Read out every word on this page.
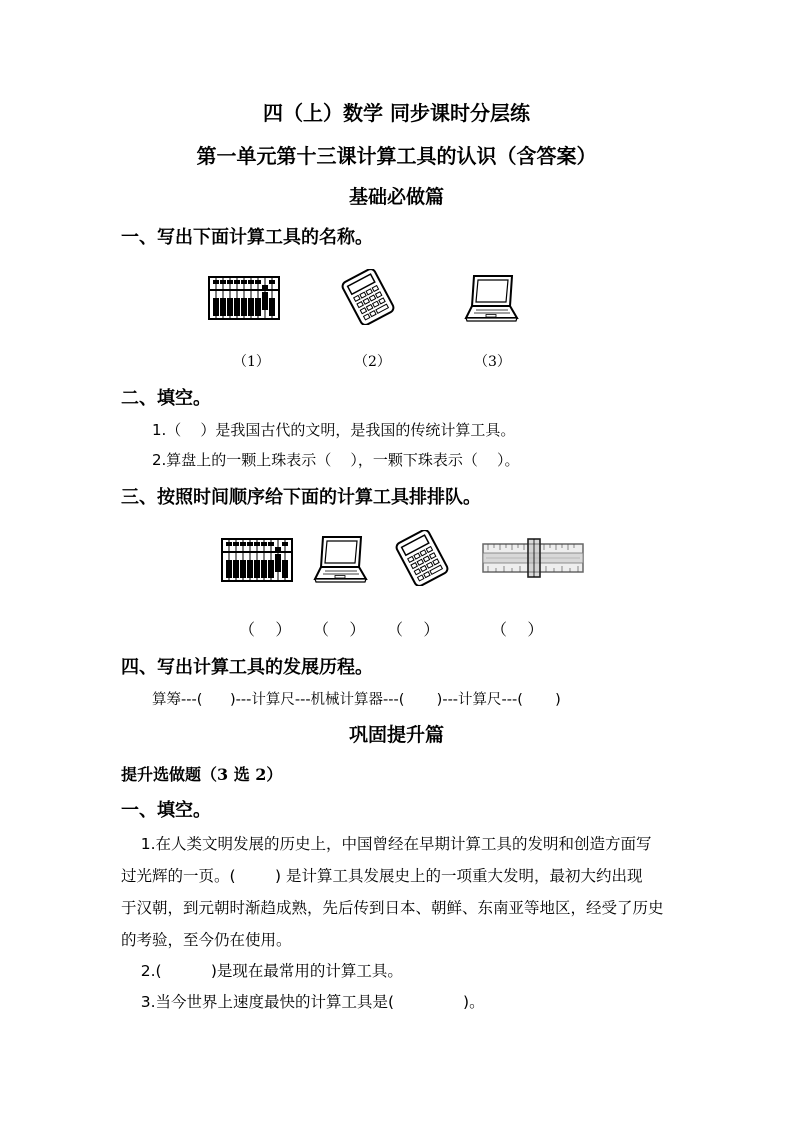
四（上）数学 同步课时分层练
第一单元第十三课计算工具的认识（含答案）
基础必做篇
一、写出下面计算工具的名称。
（1）	（2）	（3）
二、填空。
1.（    ）是我国古代的文明，是我国的传统计算工具。
2.算盘上的一颗上珠表示（    ），一颗下珠表示（    ）。
三、按照时间顺序给下面的计算工具排排队。
（    ） （    ） （    ）	（    ）
四、写出计算工具的发展历程。
算筹---(      )---计算尺---机械计算器---(       )---计算尺---(       )
巩固提升篇
提升选做题（3 选 2）
一、填空。
1.在人类文明发展的历史上，中国曾经在早期计算工具的发明和创造方面写
过光辉的一页。(        ) 是计算工具发展史上的一项重大发明，最初大约出现
于汉朝，到元朝时渐趋成熟，先后传到日本、朝鲜、东南亚等地区，经受了历史
的考验，至今仍在使用。
2.(          )是现在最常用的计算工具。
3.当今世界上速度最快的计算工具是(              )。
